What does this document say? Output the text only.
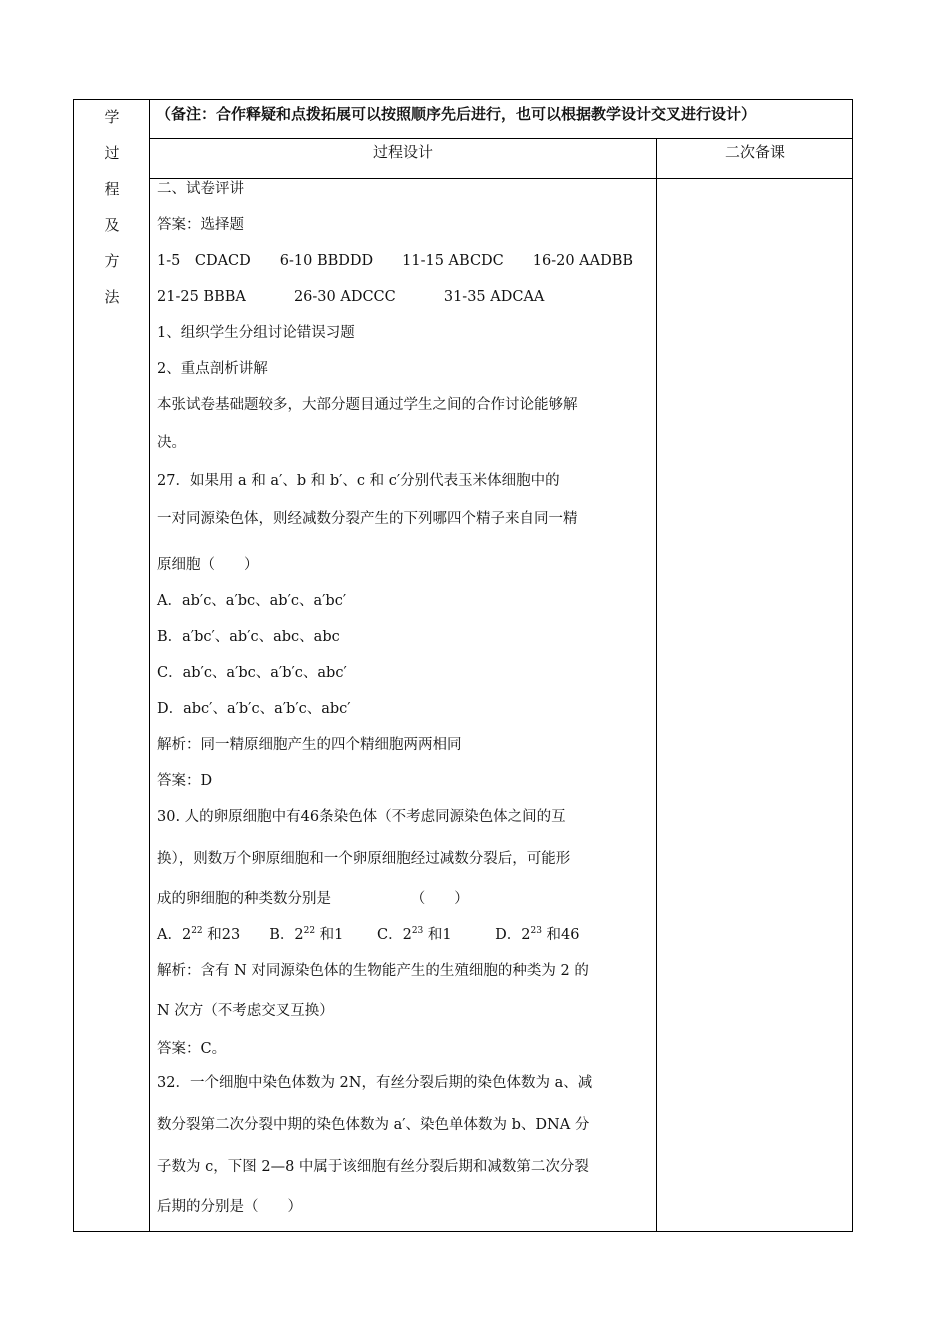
学
过
程
及
方
法
（备注：合作释疑和点拨拓展可以按照顺序先后进行，也可以根据教学设计交叉进行设计）
过程设计	二次备课
二、试卷评讲
答案：选择题
1-5　CDACD　　6-10 BBDDD　　11-15 ABCDC　　16-20 AADBB
21-25 BBBA　　　 26-30 ADCCC　　　 31-35 ADCAA
1、组织学生分组讨论错误习题
2、重点剖析讲解
本张试卷基础题较多，大部分题目通过学生之间的合作讨论能够解
决。
27．如果用 a 和 a′、b 和 b′、c 和 c′分别代表玉米体细胞中的
一对同源染色体，则经减数分裂产生的下列哪四个精子来自同一精
原细胞（　　）
A．ab′c、a′bc、ab′c、a′bc′
B．a′bc′、ab′c、abc、abc
C．ab′c、a′bc、a′b′c、abc′
D．abc′、a′b′c、a′b′c、abc′
解析：同一精原细胞产生的四个精细胞两两相同
答案：D
30. 人的卵原细胞中有46条染色体（不考虑同源染色体之间的互
换），则数万个卵原细胞和一个卵原细胞经过减数分裂后，可能形
成的卵细胞的种类数分别是　　　　　　（　　）
A．$2^{22}$ 和23　　B．$2^{22}$ 和1　　 C．$2^{23}$ 和1　　　D．$2^{23}$ 和46
解析：含有 N 对同源染色体的生物能产生的生殖细胞的种类为 2 的
N 次方（不考虑交叉互换）
答案：C。
32．一个细胞中染色体数为 2N，有丝分裂后期的染色体数为 a、减
数分裂第二次分裂中期的染色体数为 a′、染色单体数为 b、DNA 分
子数为 c，下图 2—8 中属于该细胞有丝分裂后期和减数第二次分裂
后期的分别是（　　）
